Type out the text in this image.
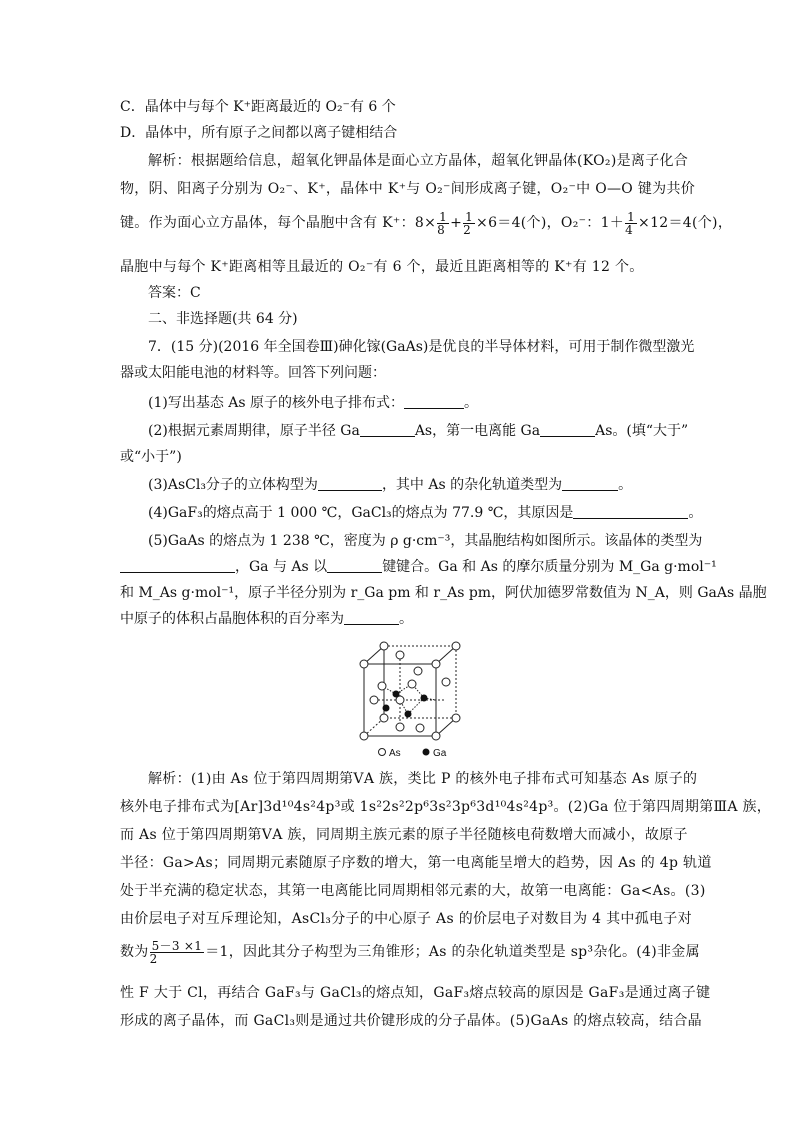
C．晶体中与每个 K⁺距离最近的 O₂⁻有 6 个
D．晶体中，所有原子之间都以离子键相结合
解析：根据题给信息，超氧化钾晶体是面心立方晶体，超氧化钾晶体(KO₂)是离子化合
物，阴、阳离子分别为 O₂⁻、K⁺，晶体中 K⁺与 O₂⁻间形成离子键，O₂⁻中 O—O 键为共价
键。作为面心立方晶体，每个晶胞中含有 K⁺：$8\times \frac{1}{8} + \frac{1}{2} \times 6=4$(个)，O₂⁻：$1+ \frac{1}{4} \times 12=4$(个)，
晶胞中与每个 K⁺距离相等且最近的 O₂⁻有 6 个，最近且距离相等的 K⁺有 12 个。
答案：C
二、非选择题(共 64 分)
7．(15 分)(2016 年全国卷Ⅲ)砷化镓(GaAs)是优良的半导体材料，可用于制作微型激光
器或太阳能电池的材料等。回答下列问题：
(1)写出基态 As 原子的核外电子排布式：	。
(2)根据元素周期律，原子半径 Ga	As，第一电离能 Ga	As。(填“大于”
或“小于”)
(3)AsCl₃分子的立体构型为	，其中 As 的杂化轨道类型为	。
(4)GaF₃的熔点高于 1 000 ℃，GaCl₃的熔点为 77.9 ℃，其原因是	。
(5)GaAs 的熔点为 1 238 ℃，密度为 ρ g·cm⁻³，其晶胞结构如图所示。该晶体的类型为
，Ga 与 As 以	键键合。Ga 和 As 的摩尔质量分别为 M_Ga g·mol⁻¹
和 M_As g·mol⁻¹，原子半径分别为 r_Ga pm 和 r_As pm，阿伏加德罗常数值为 N_A，则 GaAs 晶胞
中原子的体积占晶胞体积的百分率为	。
As	Ga
解析：(1)由 As 位于第四周期第ⅤA 族，类比 P 的核外电子排布式可知基态 As 原子的
核外电子排布式为[Ar]3d¹⁰4s²4p³或 1s²2s²2p⁶3s²3p⁶3d¹⁰4s²4p³。(2)Ga 位于第四周期第ⅢA 族，
而 As 位于第四周期第ⅤA 族，同周期主族元素的原子半径随核电荷数增大而减小，故原子
半径：Ga>As；同周期元素随原子序数的增大，第一电离能呈增大的趋势，因 As 的 4p 轨道
处于半充满的稳定状态，其第一电离能比同周期相邻元素的大，故第一电离能：Ga<As。(3)
由价层电子对互斥理论知，AsCl₃分子的中心原子 As 的价层电子对数目为 4 其中孤电子对
数为 $\frac{5-3 \times 1}{2} =1$，因此其分子构型为三角锥形；As 的杂化轨道类型是 sp³杂化。(4)非金属
性 F 大于 Cl，再结合 GaF₃与 GaCl₃的熔点知，GaF₃熔点较高的原因是 GaF₃是通过离子键
形成的离子晶体，而 GaCl₃则是通过共价键形成的分子晶体。(5)GaAs 的熔点较高，结合晶
